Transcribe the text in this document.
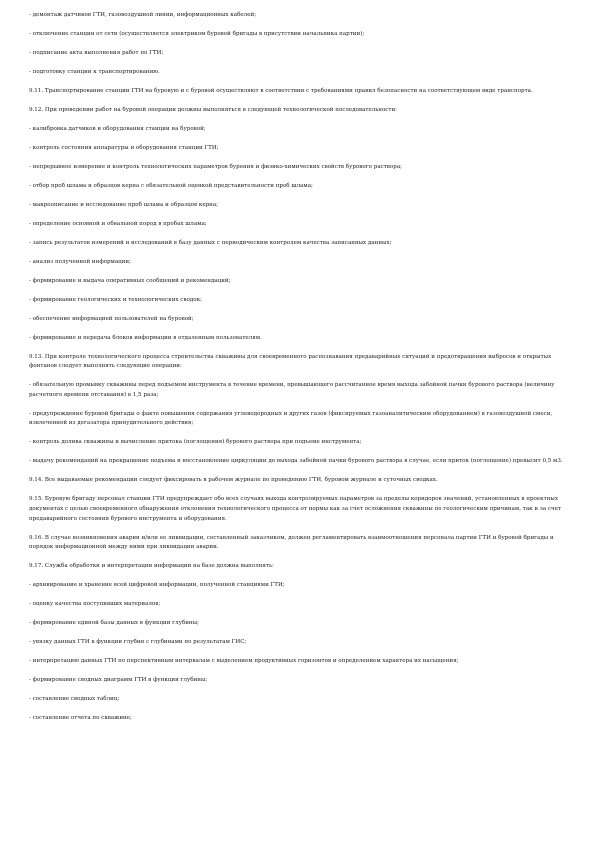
- демонтаж датчиков ГТИ, газовоздушной линии, информационных кабелей;

- отключение станции от сети (осуществляется электриком буровой бригады в присутствии начальника партии);

- подписание акта выполнения работ по ГТИ;

- подготовку станции к транспортированию.

9.11. Транспортирование станции ГТИ на буровую и с буровой осуществляют в соответствии с требованиями правил безопасности на соответствующем виде транспорта.

9.12. При проведении работ на буровой операции должны выполняться в следующей технологической последовательности:

- калибровка датчиков и оборудования станции на буровой;

- контроль состояния аппаратуры и оборудования станции ГТИ;

- непрерывное измерение и контроль технологических параметров бурения и физико-химических свойств бурового раствора;

- отбор проб шлама и образцов керна с обязательной оценкой представительности проб шлама;

- макроописание и исследование проб шлама и образцов керна;

- определение основной и обвальной пород в пробах шлама;

- запись результатов измерений и исследований в базу данных с периодическим контролем качества записанных данных;

- анализ полученной информации;

- формирование и выдача оперативных сообщений и рекомендаций;

- формирование геологических и технологических сводок;

- обеспечение информацией пользователей на буровой;

- формирование и передача блоков информации в отдаленным пользователям.

9.13. При контроле технологического процесса строительства скважины для своевременного распознавания предаварийных ситуаций и предотвращения выбросов и открытых фонтанов следует выполнять следующие операции:

- обязательную промывку скважины перед подъемом инструмента в течение времени, превышающего рассчитанное время выхода забойной пачки бурового раствора (величину расчетного времени отставания) в 1,5 раза;

- предупреждение буровой бригады о факте повышения содержания углеводородных и других газов (фиксируемых газоаналитическим оборудованием) в газовоздушной смеси, извлеченной из дегазатора принудительного действия;

- контроль долива скважины и вычисление притока (поглощения) бурового раствора при подъеме инструмента;

- выдачу рекомендаций на прекращение подъема и восстановление циркуляции до выхода забойной пачки бурового раствора в случае, если приток (поглощение) превысит 0,5 м3.

9.14. Все выдаваемые рекомендации следует фиксировать в рабочем журнале по проведению ГТИ, буровом журнале и суточных сводках.

9.15. Буровую бригаду персонал станции ГТИ предупреждает обо всех случаях выхода контролируемых параметров за пределы коридоров значений, установленных в проектных документах с целью своевременного обнаружения отклонения технологического процесса от нормы как за счет осложнения скважины по геологическим причинам, так и за счет предаварийного состояния бурового инструмента и оборудования.

9.16. В случае возникновения аварии и/или ее ликвидации, составленный заказчиком, должен регламентировать взаимоотношения персонала партии ГТИ и буровой бригады и порядок информационной между ними при ликвидации аварии.

9.17. Служба обработки и интерпретации информации на базе должна выполнять:

- архивирование и хранение всей цифровой информации, полученной станциями ГТИ;

- оценку качества поступивших материалов;

- формирование единой базы данных в функции глубины;

- увязку данных ГТИ в функции глубин с глубинами по результатам ГИС;

- интерпретацию данных ГТИ по перспективным интервалам с выделением продуктивных горизонтов и определением характера их насыщения;

- формирование сводных диаграмм ГТИ в функции глубины;

- составление сводных таблиц;

- составление отчета по скважине;
